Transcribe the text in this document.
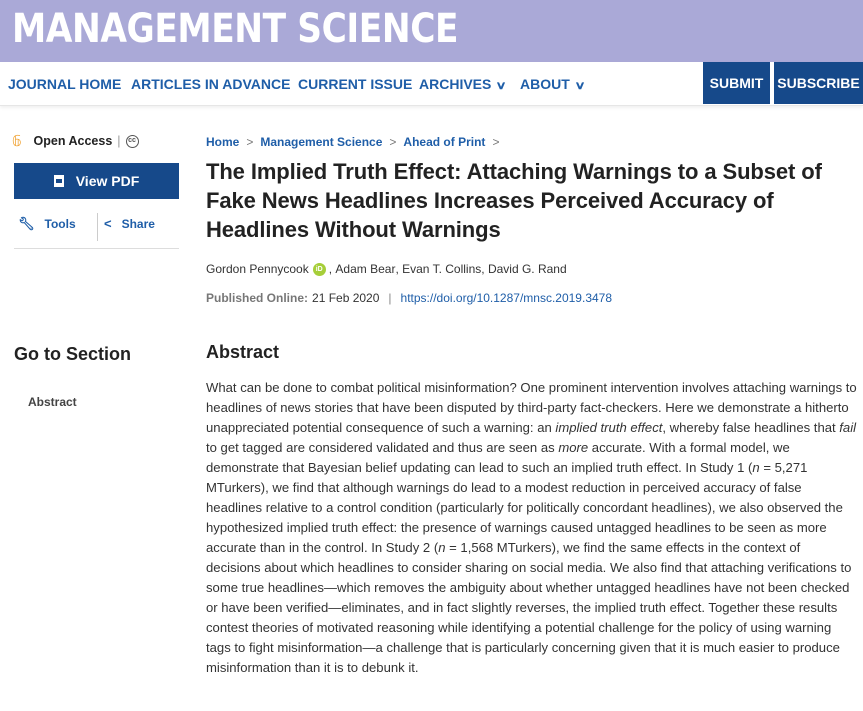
MANAGEMENT SCIENCE
JOURNAL HOME ARTICLES IN ADVANCE CURRENT ISSUE ARCHIVES ∨ ABOUT ∨	SUBMIT SUBSCRIBE
𝟞 Open Access |	cc
View PDF
🔧︎ Tools < Share
Go to Section
Abstract
Home > Management Science > Ahead of Print >
The Implied Truth Effect: Attaching Warnings to a Subset of Fake News Headlines Increases Perceived Accuracy of Headlines Without Warnings
Gordon Pennycook	iD , Adam Bear , Evan T. Collins , David G. Rand
Published Online: 21 Feb 2020 | https://doi.org/10.1287/mnsc.2019.3478
Abstract
What can be done to combat political misinformation? One prominent intervention involves attaching warnings to headlines of news stories that have been disputed by third-party fact-checkers. Here we demonstrate a hitherto unappreciated potential consequence of such a warning: an implied truth effect, whereby false headlines that fail to get tagged are considered validated and thus are seen as more accurate. With a formal model, we demonstrate that Bayesian belief updating can lead to such an implied truth effect. In Study 1 (n = 5,271 MTurkers), we find that although warnings do lead to a modest reduction in perceived accuracy of false headlines relative to a control condition (particularly for politically concordant headlines), we also observed the hypothesized implied truth effect: the presence of warnings caused untagged headlines to be seen as more accurate than in the control. In Study 2 (n = 1,568 MTurkers), we find the same effects in the context of decisions about which headlines to consider sharing on social media. We also find that attaching verifications to some true headlines—which removes the ambiguity about whether untagged headlines have not been checked or have been verified—eliminates, and in fact slightly reverses, the implied truth effect. Together these results contest theories of motivated reasoning while identifying a potential challenge for the policy of using warning tags to fight misinformation—a challenge that is particularly concerning given that it is much easier to produce misinformation than it is to debunk it.
